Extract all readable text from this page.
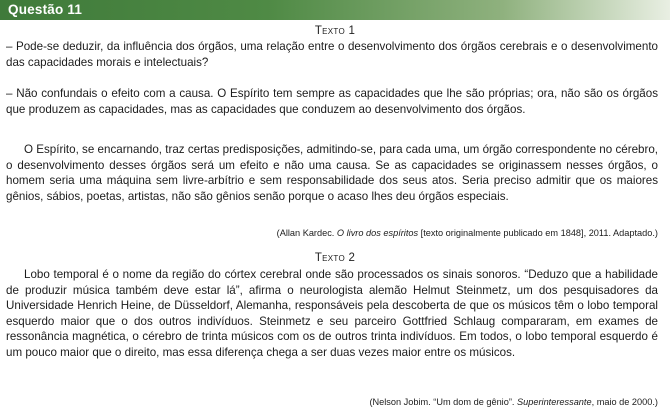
Questão 11
Texto 1

– Pode-se deduzir, da influência dos órgãos, uma relação entre o desenvolvimento dos órgãos cerebrais e o desenvolvimento das capacidades morais e intelectuais?

– Não confundais o efeito com a causa. O Espírito tem sempre as capacidades que lhe são próprias; ora, não são os órgãos que produzem as capacidades, mas as capacidades que conduzem ao desenvolvimento dos órgãos.

O Espírito, se encarnando, traz certas predisposições, admitindo-se, para cada uma, um órgão correspondente no cérebro, o desenvolvimento desses órgãos será um efeito e não uma causa. Se as capacidades se originassem nesses órgãos, o homem seria uma máquina sem livre-arbítrio e sem responsabilidade dos seus atos. Seria preciso admitir que os maiores gênios, sábios, poetas, artistas, não são gênios senão porque o acaso lhes deu órgãos especiais.

(Allan Kardec. O livro dos espíritos [texto originalmente publicado em 1848], 2011. Adaptado.)
Texto 2

Lobo temporal é o nome da região do córtex cerebral onde são processados os sinais sonoros. “Deduzo que a habilidade de produzir música também deve estar lá”, afirma o neurologista alemão Helmut Steinmetz, um dos pesquisadores da Universidade Henrich Heine, de Düsseldorf, Alemanha, responsáveis pela descoberta de que os músicos têm o lobo temporal esquerdo maior que o dos outros indivíduos. Steinmetz e seu parceiro Gottfried Schlaug compararam, em exames de ressonância magnética, o cérebro de trinta músicos com os de outros trinta indivíduos. Em todos, o lobo temporal esquerdo é um pouco maior que o direito, mas essa diferença chega a ser duas vezes maior entre os músicos.

(Nelson Jobim. “Um dom de gênio”. Superinteressante, maio de 2000.)
